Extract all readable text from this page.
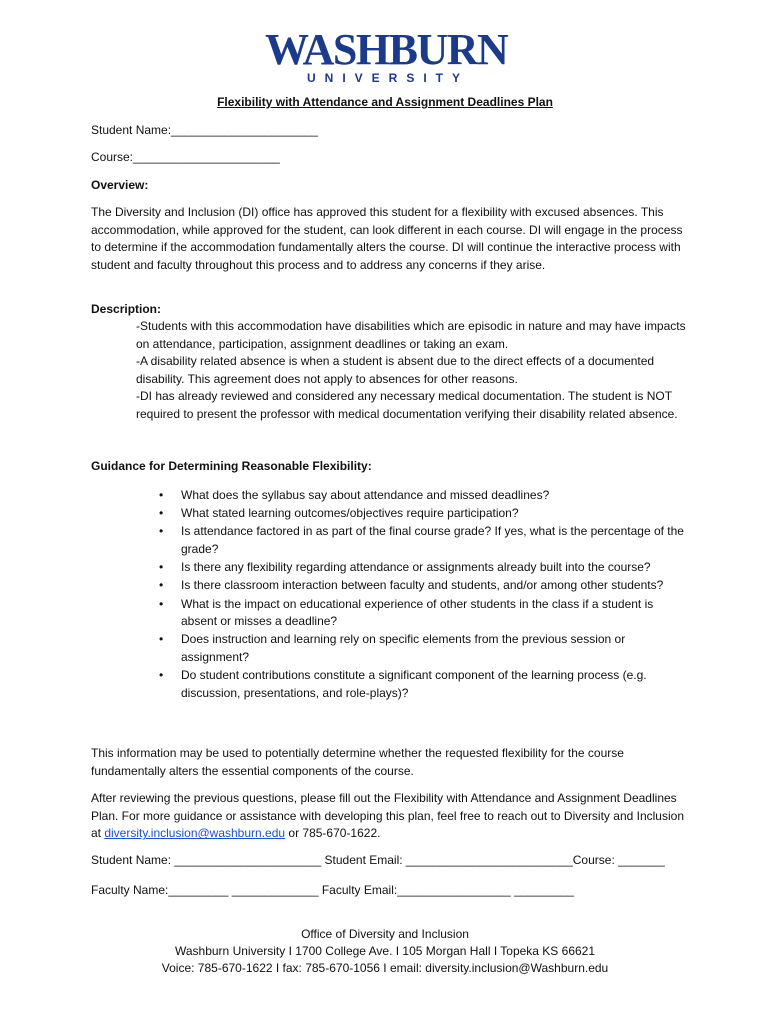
WASHBURN
UNIVERSITY
Flexibility with Attendance and Assignment Deadlines Plan
Student Name:______________________
Course:______________________
Overview:
The Diversity and Inclusion (DI) office has approved this student for a flexibility with excused absences. This accommodation, while approved for the student, can look different in each course. DI will engage in the process to determine if the accommodation fundamentally alters the course. DI will continue the interactive process with student and faculty throughout this process and to address any concerns if they arise.
Description:
-Students with this accommodation have disabilities which are episodic in nature and may have impacts on attendance, participation, assignment deadlines or taking an exam.
-A disability related absence is when a student is absent due to the direct effects of a documented disability. This agreement does not apply to absences for other reasons.
-DI has already reviewed and considered any necessary medical documentation. The student is NOT required to present the professor with medical documentation verifying their disability related absence.
Guidance for Determining Reasonable Flexibility:
• What does the syllabus say about attendance and missed deadlines?
• What stated learning outcomes/objectives require participation?
• Is attendance factored in as part of the final course grade? If yes, what is the percentage of the grade?
• Is there any flexibility regarding attendance or assignments already built into the course?
• Is there classroom interaction between faculty and students, and/or among other students?
• What is the impact on educational experience of other students in the class if a student is absent or misses a deadline?
• Does instruction and learning rely on specific elements from the previous session or assignment?
• Do student contributions constitute a significant component of the learning process (e.g. discussion, presentations, and role-plays)?
This information may be used to potentially determine whether the requested flexibility for the course fundamentally alters the essential components of the course.
After reviewing the previous questions, please fill out the Flexibility with Attendance and Assignment Deadlines Plan. For more guidance or assistance with developing this plan, feel free to reach out to Diversity and Inclusion at diversity.inclusion@washburn.edu or 785-670-1622.
Student Name: ______________________ Student Email: _________________________Course: _______
Faculty Name:_________ _____________ Faculty Email:_________________ _________
Office of Diversity and Inclusion
Washburn University I 1700 College Ave. I 105 Morgan Hall I Topeka KS 66621
Voice: 785-670-1622 I fax: 785-670-1056 I email: diversity.inclusion@Washburn.edu
